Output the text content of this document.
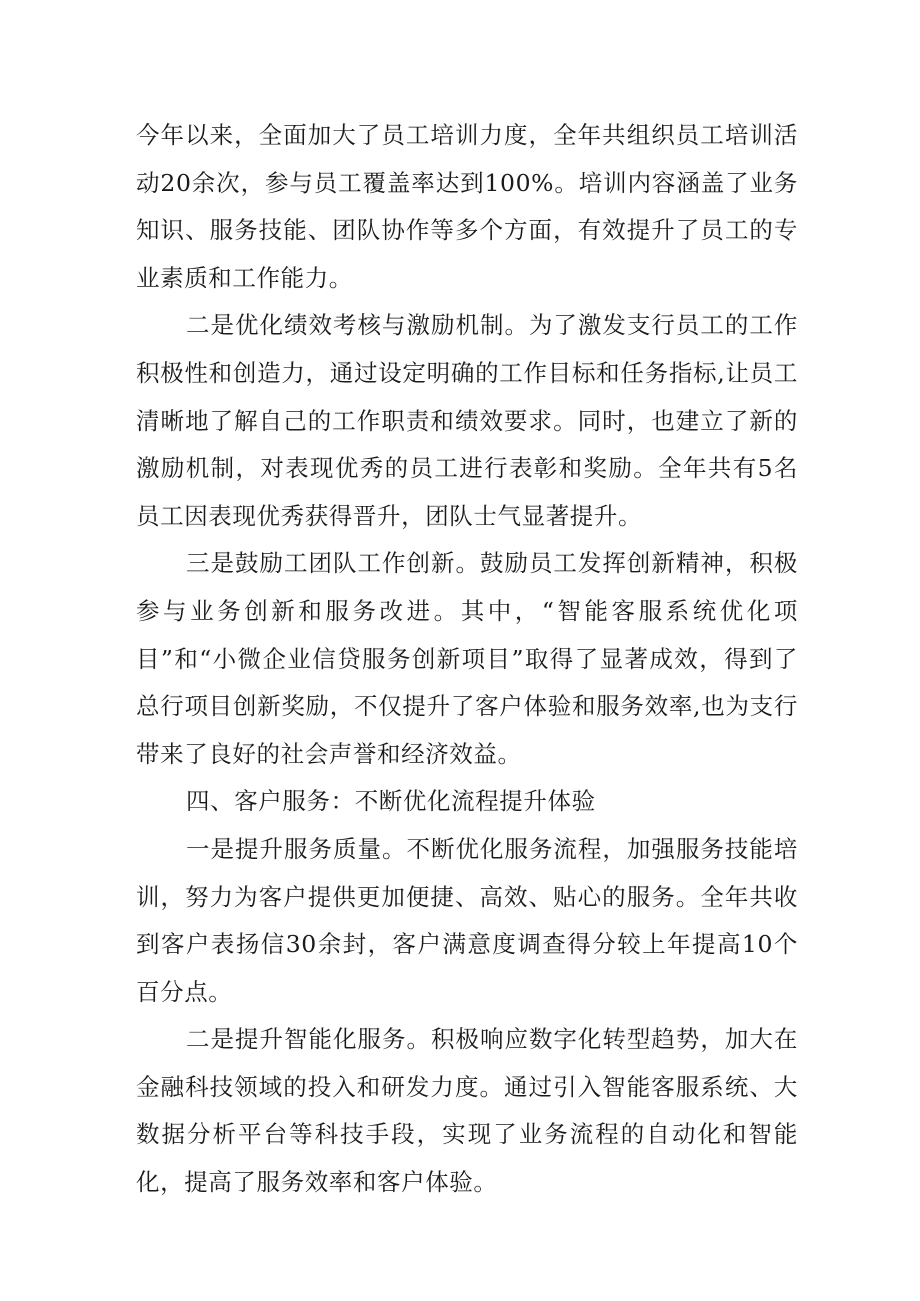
今年以来，全面加大了员工培训力度，全年共组织员工培训活动20余次，参与员工覆盖率达到100%。培训内容涵盖了业务知识、服务技能、团队协作等多个方面，有效提升了员工的专业素质和工作能力。

二是优化绩效考核与激励机制。为了激发支行员工的工作积极性和创造力，通过设定明确的工作目标和任务指标,让员工清晰地了解自己的工作职责和绩效要求。同时，也建立了新的激励机制，对表现优秀的员工进行表彰和奖励。全年共有5名员工因表现优秀获得晋升，团队士气显著提升。

三是鼓励工团队工作创新。鼓励员工发挥创新精神，积极参与业务创新和服务改进。其中，“智能客服系统优化项目”和“小微企业信贷服务创新项目”取得了显著成效，得到了总行项目创新奖励，不仅提升了客户体验和服务效率,也为支行带来了良好的社会声誉和经济效益。

四、客户服务：不断优化流程提升体验

一是提升服务质量。不断优化服务流程，加强服务技能培训，努力为客户提供更加便捷、高效、贴心的服务。全年共收到客户表扬信30余封，客户满意度调查得分较上年提高10个百分点。

二是提升智能化服务。积极响应数字化转型趋势，加大在金融科技领域的投入和研发力度。通过引入智能客服系统、大数据分析平台等科技手段，实现了业务流程的自动化和智能化，提高了服务效率和客户体验。
